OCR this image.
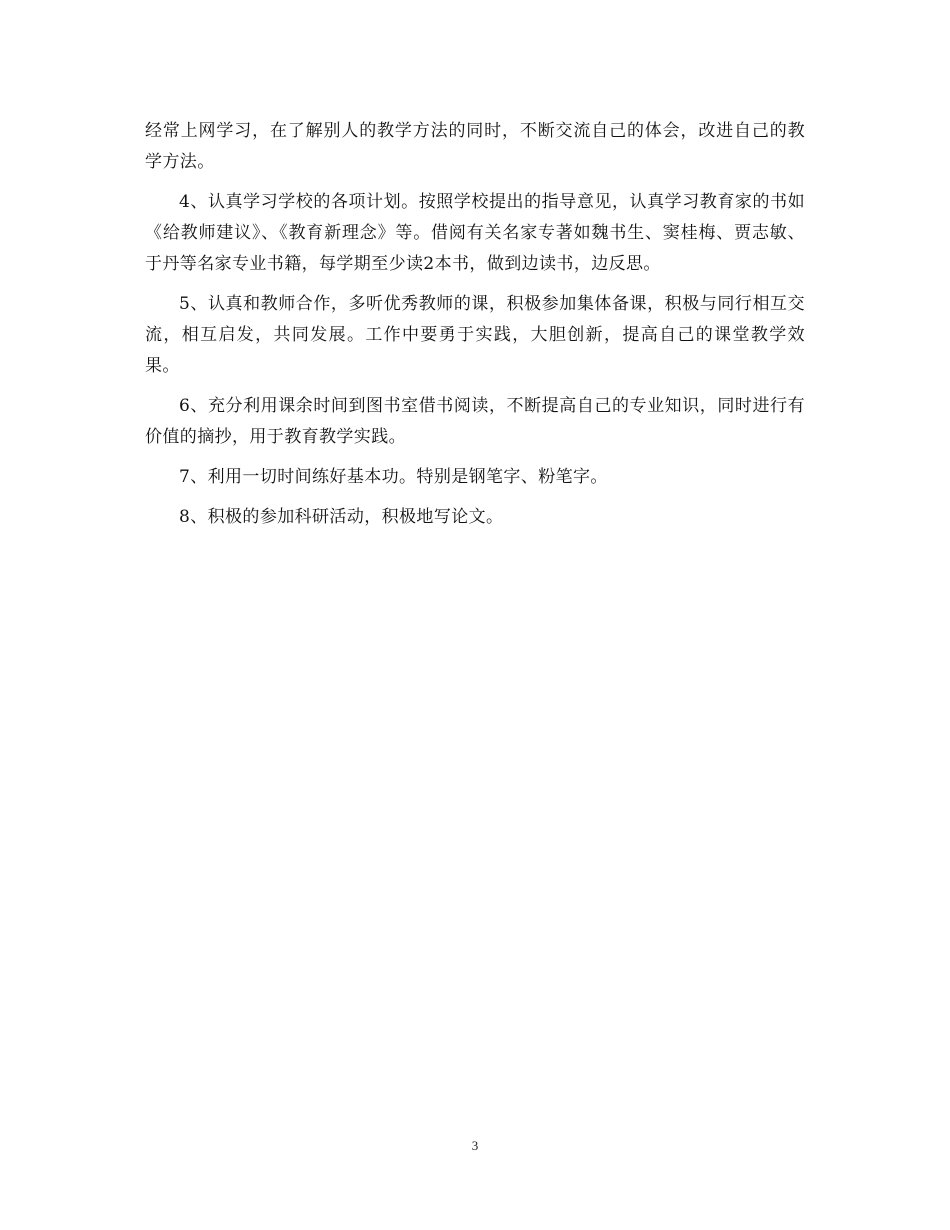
经常上网学习，在了解别人的教学方法的同时，不断交流自己的体会，改进自己的教学方法。

4、认真学习学校的各项计划。按照学校提出的指导意见，认真学习教育家的书如《给教师建议》、《教育新理念》等。借阅有关名家专著如魏书生、窦桂梅、贾志敏、于丹等名家专业书籍，每学期至少读2本书，做到边读书，边反思。

5、认真和教师合作，多听优秀教师的课，积极参加集体备课，积极与同行相互交流，相互启发，共同发展。工作中要勇于实践，大胆创新，提高自己的课堂教学效果。

6、充分利用课余时间到图书室借书阅读，不断提高自己的专业知识，同时进行有价值的摘抄，用于教育教学实践。

7、利用一切时间练好基本功。特别是钢笔字、粉笔字。

8、积极的参加科研活动，积极地写论文。

3
